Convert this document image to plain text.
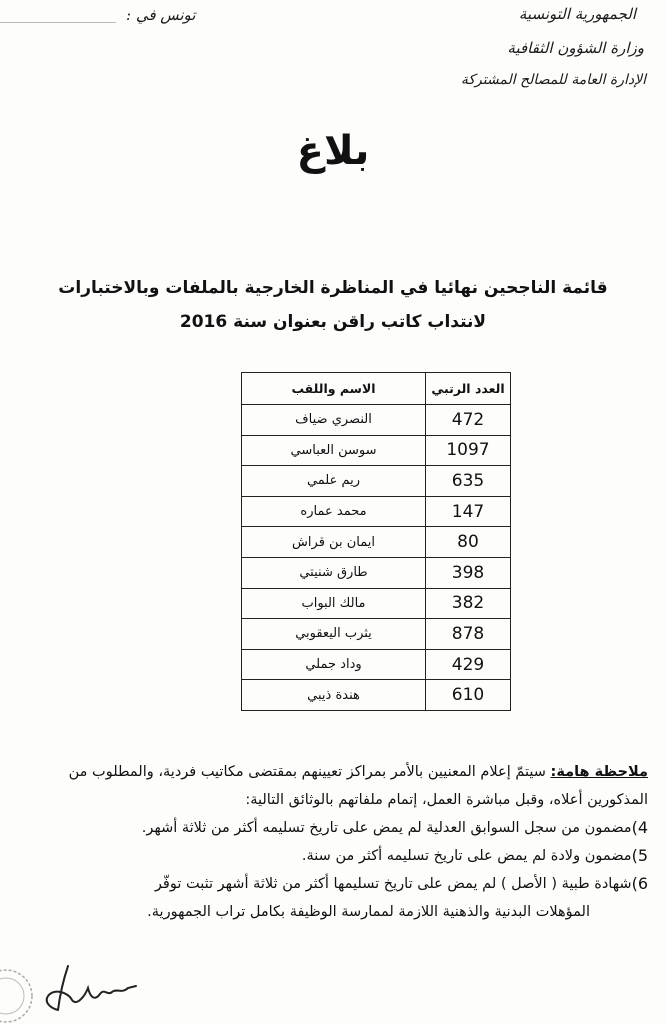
الجمهورية التونسية
وزارة الشؤون الثقافية
الإدارة العامة للمصالح المشتركة
تونس في :
بلاغ
قائمة الناجحين نهائيا في المناظرة الخارجية بالملفات وبالاختبارات
لانتداب كاتب راقن بعنوان سنة 2016
العدد الرتبي	الاسم واللقب
472	النصري ضياف
1097	سوسن العباسي
635	ريم علمي
147	محمد عماره
80	ايمان بن قراش
398	طارق شنيتي
382	مالك البواب
878	يثرب اليعقوبي
429	وداد جملي
610	هندة ذيبي
ملاحظة هامة: سيتمّ إعلام المعنيين بالأمر بمراكز تعيينهم بمقتضى مكاتيب فردية، والمطلوب من المذكورين أعلاه، وقبل مباشرة العمل، إتمام ملفاتهم بالوثائق التالية:
4)
مضمون من سجل السوابق العدلية لم يمض على تاريخ تسليمه أكثر من ثلاثة أشهر.
5)
مضمون ولادة لم يمض على تاريخ تسليمه أكثر من سنة.
6)
شهادة طبية ( الأصل ) لم يمض على تاريخ تسليمها أكثر من ثلاثة أشهر تثبت توفّر
المؤهلات البدنية والذهنية اللازمة لممارسة الوظيفة بكامل تراب الجمهورية.
